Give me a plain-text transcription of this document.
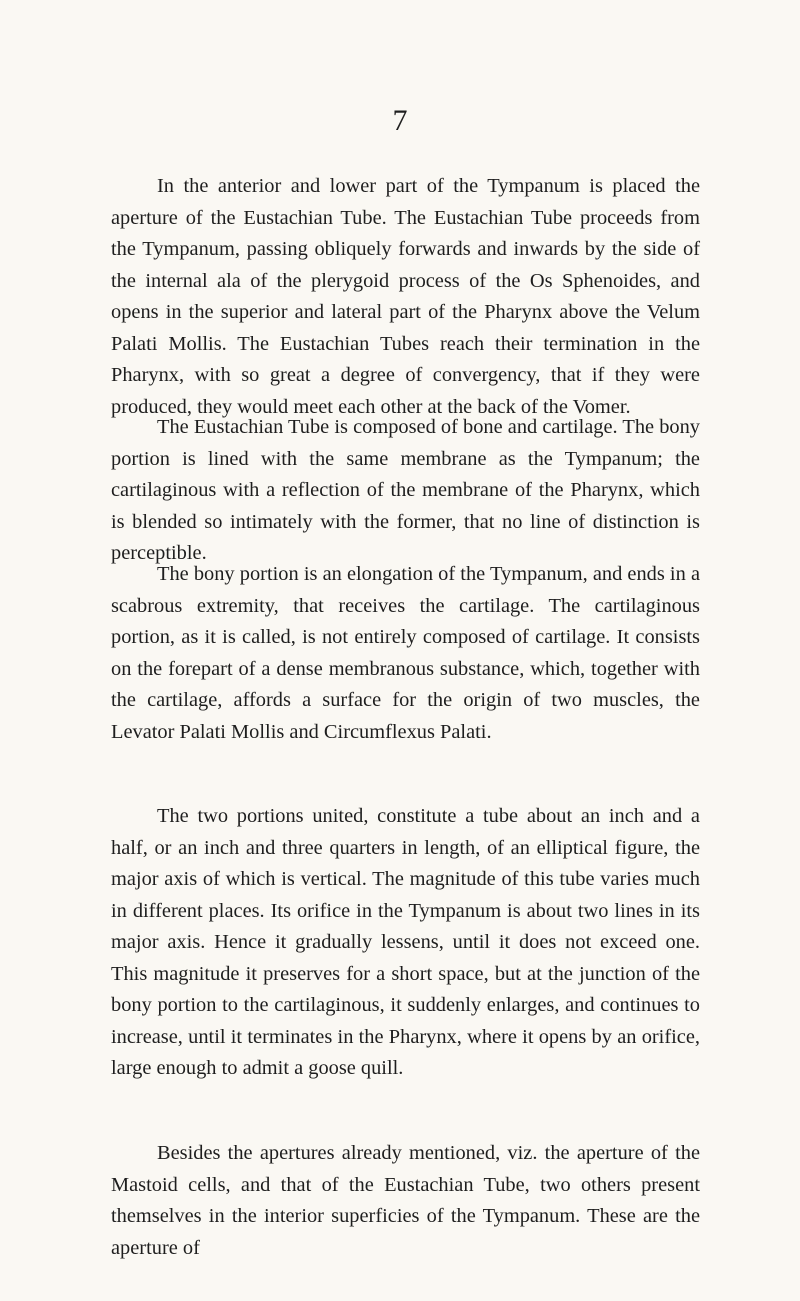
7

In the anterior and lower part of the Tympanum is placed the aperture of the Eustachian Tube. The Eustachian Tube proceeds from the Tympanum, passing obliquely forwards and inwards by the side of the internal ala of the plerygoid process of the Os Sphenoides, and opens in the superior and lateral part of the Pharynx above the Velum Palati Mollis. The Eustachian Tubes reach their termination in the Pharynx, with so great a degree of convergency, that if they were produced, they would meet each other at the back of the Vomer.

The Eustachian Tube is composed of bone and cartilage. The bony portion is lined with the same membrane as the Tympanum; the cartilaginous with a reflection of the membrane of the Pharynx, which is blended so intimately with the former, that no line of distinction is perceptible.

The bony portion is an elongation of the Tympanum, and ends in a scabrous extremity, that receives the cartilage. The cartilaginous portion, as it is called, is not entirely composed of cartilage. It consists on the forepart of a dense membranous substance, which, together with the cartilage, affords a surface for the origin of two muscles, the Levator Palati Mollis and Circumflexus Palati.

The two portions united, constitute a tube about an inch and a half, or an inch and three quarters in length, of an elliptical figure, the major axis of which is vertical. The magnitude of this tube varies much in different places. Its orifice in the Tympanum is about two lines in its major axis. Hence it gradually lessens, until it does not exceed one. This magnitude it preserves for a short space, but at the junction of the bony portion to the cartilaginous, it suddenly enlarges, and continues to increase, until it terminates in the Pharynx, where it opens by an orifice, large enough to admit a goose quill.

Besides the apertures already mentioned, viz. the aperture of the Mastoid cells, and that of the Eustachian Tube, two others present themselves in the interior superficies of the Tympanum. These are the aperture of
